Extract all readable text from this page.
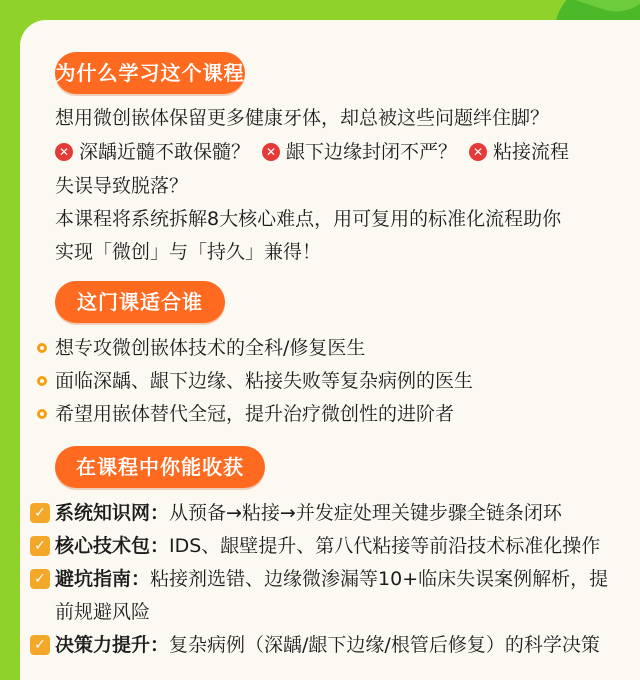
为什么学习这个课程
想用微创嵌体保留更多健康牙体，却总被这些问题绊住脚？
✕ 深龋近髓不敢保髓？	✕ 龈下边缘封闭不严？	✕ 粘接流程
失误导致脱落？
本课程将系统拆解8大核心难点，用可复用的标准化流程助你
实现「微创」与「持久」兼得！
这门课适合谁
想专攻微创嵌体技术的全科/修复医生
面临深龋、龈下边缘、粘接失败等复杂病例的医生
希望用嵌体替代全冠，提升治疗微创性的进阶者
在课程中你能收获
✓ 系统知识网：从预备→粘接→并发症处理关键步骤全链条闭环
✓ 核心技术包：IDS、龈壁提升、第八代粘接等前沿技术标准化操作
✓ 避坑指南：粘接剂选错、边缘微渗漏等10+临床失误案例解析，提
前规避风险
✓ 决策力提升：复杂病例（深龋/龈下边缘/根管后修复）的科学决策
